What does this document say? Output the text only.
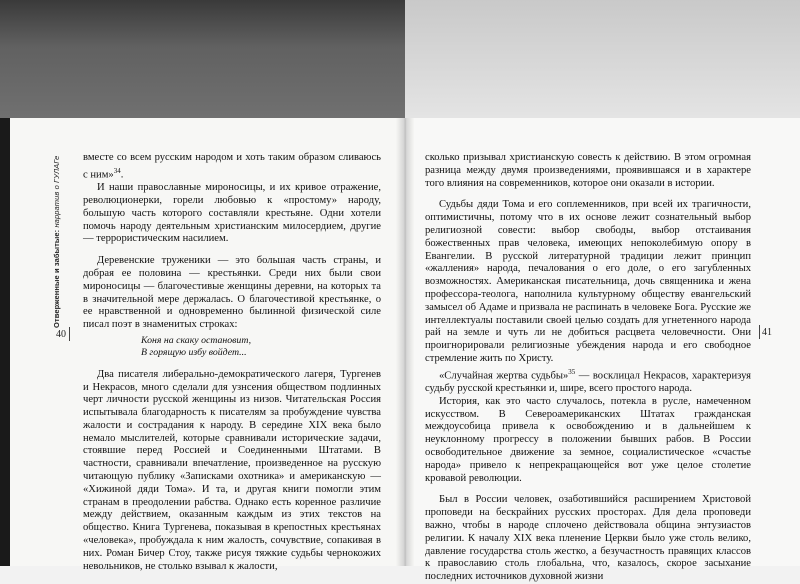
Отверженные и забытые: нарратив о ГУЛАГе
40	41

вместе со всем русским народом и хоть таким образом сливаюсь с ним»$^{34}$.

И наши православные мироносицы, и их кривое отражение, революционерки, горели любовью к «простому» народу, большую часть которого составляли крестьяне. Одни хотели помочь народу деятельным христианским милосердием, другие — террористическим насилием.

Деревенские труженики — это большая часть страны, и добрая ее половина — крестьянки. Среди них были свои мироносицы — благочестивые женщины деревни, на которых та в значительной мере держалась. О благочестивой крестьянке, о ее нравственной и одновременно былинной физической силе писал поэт в знаменитых строках:

Коня на скаку остановит,
В горящую избу войдет...

Два писателя либерально-демократического лагеря, Тургенев и Некрасов, много сделали для узнсения обществом подлинных черт личности русской женщины из низов. Читательская Россия испытывала благодарность к писателям за пробуждение чувства жалости и сострадания к народу. В середине XIX века было немало мыслителей, которые сравнивали исторические задачи, стоявшие перед Россией и Соединенными Штатами. В частности, сравнивали впечатление, произведенное на русскую читающую публику «Записками охотника» и американскую — «Хижиной дяди Тома». И та, и другая книги помогли этим странам в преодолении рабства. Однако есть коренное различие между действием, оказанным каждым из этих текстов на общество. Книга Тургенева, показывая в крепостных крестьянах «человека», пробуждала к ним жалость, сочувствие, сопакивая в них. Роман Бичер Стоу, также рисуя тяжкие судьбы чернокожих невольников, не столько взывал к жалости,

сколько призывал христианскую совесть к действию. В этом огромная разница между двумя произведениями, проявившаяся и в характере того влияния на современников, которое они оказали в истории.

Судьбы дяди Тома и его соплеменников, при всей их трагичности, оптимистичны, потому что в их основе лежит сознательный выбор религиозной совести: выбор свободы, выбор отстаивания божественных прав человека, имеющих непоколебимую опору в Евангелии. В русской литературной традиции лежит принцип «жалления» народа, печалования о его доле, о его загубленных возможностях. Американская писательница, дочь священника и жена профессора-теолога, наполнила культурному обществу евангельский замысел об Адаме и призвала не распинать в человеке Бога. Русские же интеллектуалы поставили своей целью создать для угнетенного народа рай на земле и чуть ли не добиться расцвета человечности. Они проигнорировали религиозные убеждения народа и его свободное стремление жить по Христу.

«Случайная жертва судьбы»$^{35}$ — восклицал Некрасов, характеризуя судьбу русской крестьянки и, шире, всего простого народа.

История, как это часто случалось, потекла в русле, намеченном искусством. В Североамериканских Штатах гражданская междоусобица привела к освобождению и в дальнейшем к неуклонному прогрессу в положении бывших рабов. В России освободительное движение за земное, социалистическое «счастье народа» привело к непрекращающейся вот уже целое столетие кровавой революции.

Был в России человек, озаботившийся расширением Христовой проповеди на бескрайних русских просторах. Для дела проповеди важно, чтобы в народе сплочено действовала община энтузиастов религии. К началу XIX века пленение Церкви было уже столь велико, давление государства столь жестко, а безучастность правящих классов к православию столь глобальна, что, казалось, скорое засыхание последних источников духовной жизни
